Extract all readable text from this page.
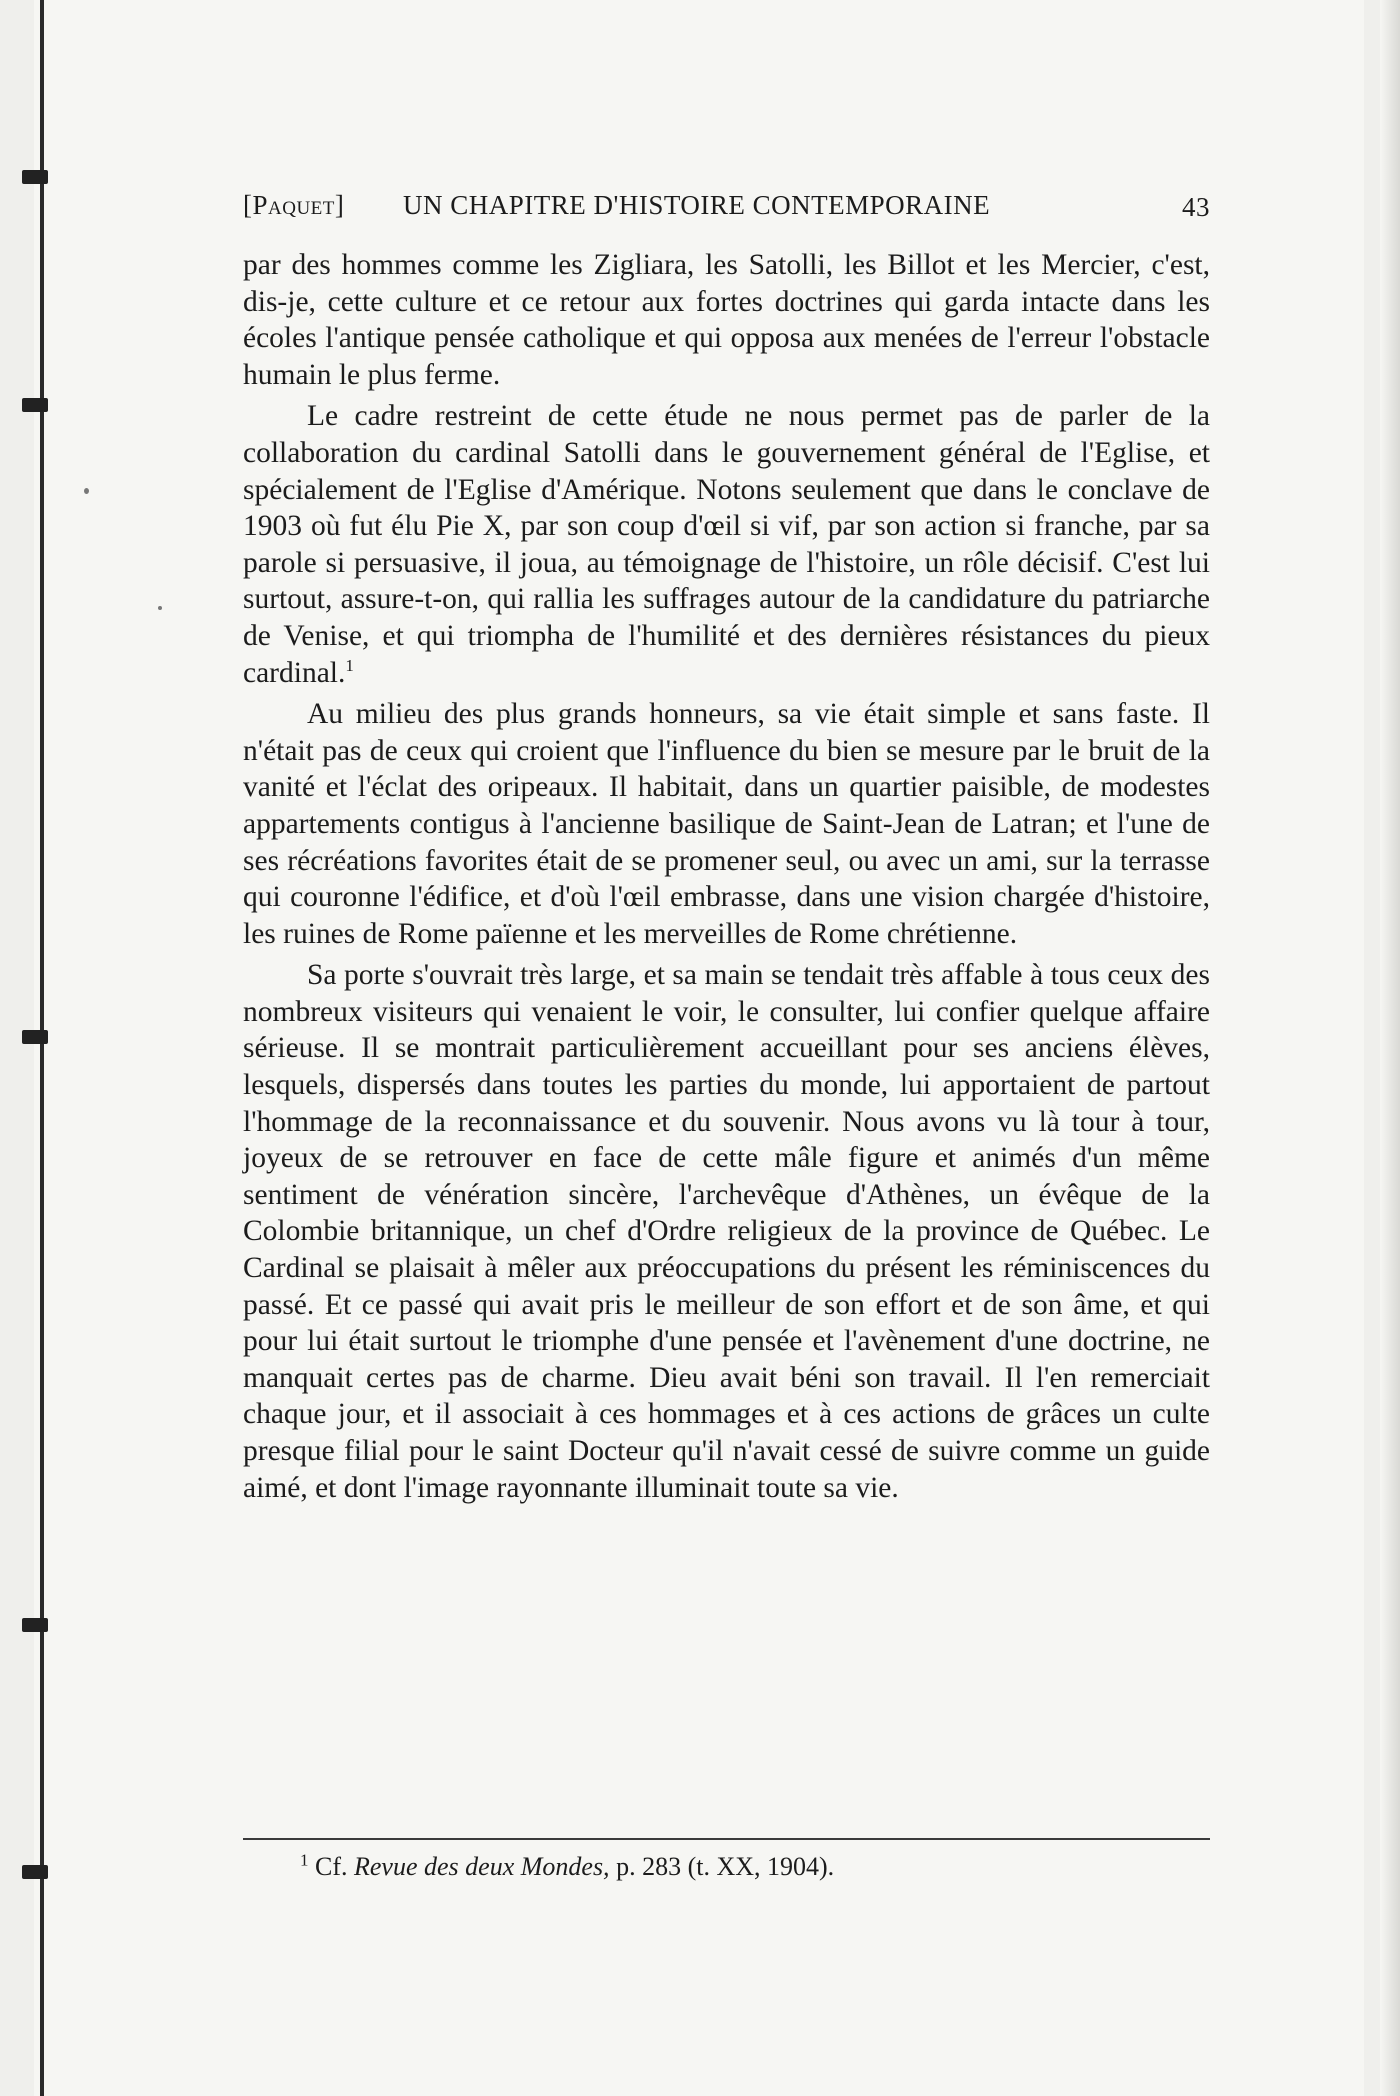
[Paquet] UN CHAPITRE D'HISTOIRE CONTEMPORAINE	43

par des hommes comme les Zigliara, les Satolli, les Billot et les Mercier, c'est, dis-je, cette culture et ce retour aux fortes doctrines qui garda intacte dans les écoles l'antique pensée catholique et qui opposa aux menées de l'erreur l'obstacle humain le plus ferme.

Le cadre restreint de cette étude ne nous permet pas de parler de la collaboration du cardinal Satolli dans le gouvernement général de l'Eglise, et spécialement de l'Eglise d'Amérique. Notons seulement que dans le conclave de 1903 où fut élu Pie X, par son coup d'œil si vif, par son action si franche, par sa parole si persuasive, il joua, au témoignage de l'histoire, un rôle décisif. C'est lui surtout, assure-t-on, qui rallia les suffrages autour de la candidature du patriarche de Venise, et qui triompha de l'humilité et des dernières résistances du pieux cardinal.$^1$

Au milieu des plus grands honneurs, sa vie était simple et sans faste. Il n'était pas de ceux qui croient que l'influence du bien se mesure par le bruit de la vanité et l'éclat des oripeaux. Il habitait, dans un quartier paisible, de modestes appartements contigus à l'ancienne basilique de Saint-Jean de Latran; et l'une de ses récréations favorites était de se promener seul, ou avec un ami, sur la terrasse qui couronne l'édifice, et d'où l'œil embrasse, dans une vision chargée d'histoire, les ruines de Rome païenne et les merveilles de Rome chrétienne.

Sa porte s'ouvrait très large, et sa main se tendait très affable à tous ceux des nombreux visiteurs qui venaient le voir, le consulter, lui confier quelque affaire sérieuse. Il se montrait particulièrement accueillant pour ses anciens élèves, lesquels, dispersés dans toutes les parties du monde, lui apportaient de partout l'hommage de la reconnaissance et du souvenir. Nous avons vu là tour à tour, joyeux de se retrouver en face de cette mâle figure et animés d'un même sentiment de vénération sincère, l'archevêque d'Athènes, un évêque de la Colombie britannique, un chef d'Ordre religieux de la province de Québec. Le Cardinal se plaisait à mêler aux préoccupations du présent les réminiscences du passé. Et ce passé qui avait pris le meilleur de son effort et de son âme, et qui pour lui était surtout le triomphe d'une pensée et l'avènement d'une doctrine, ne manquait certes pas de charme. Dieu avait béni son travail. Il l'en remerciait chaque jour, et il associait à ces hommages et à ces actions de grâces un culte presque filial pour le saint Docteur qu'il n'avait cessé de suivre comme un guide aimé, et dont l'image rayonnante illuminait toute sa vie.

$^1$ Cf. Revue des deux Mondes, p. 283 (t. XX, 1904).
